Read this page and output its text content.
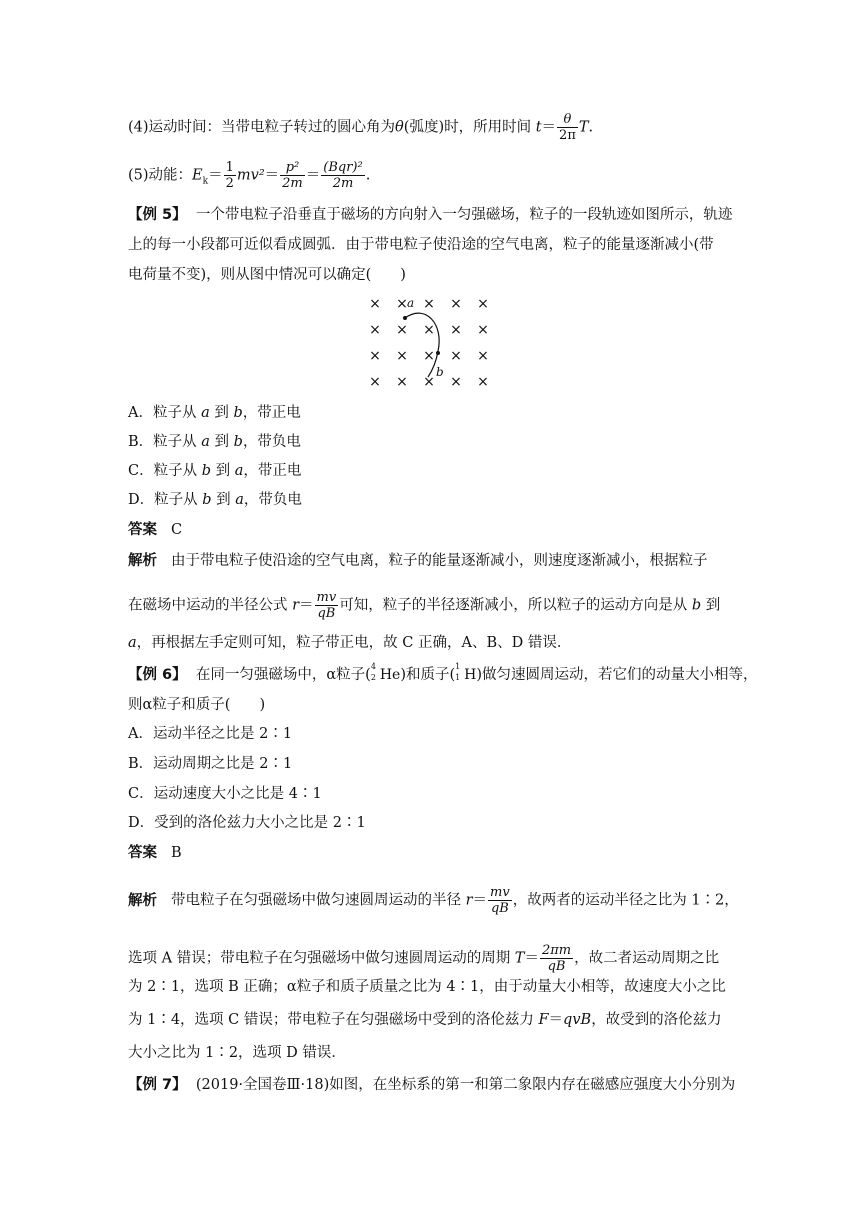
(4)运动时间：当带电粒子转过的圆心角为θ(弧度)时，所用时间 $t= \frac{\theta}{2\pi} T$.
(5)动能：$E_k= \frac{1}{2} mv^2= \frac{\text{p²}}{2m} = \frac{\text{(Bqr)²}}{2m}$ .
【例 5】 一个带电粒子沿垂直于磁场的方向射入一匀强磁场，粒子的一段轨迹如图所示，轨迹
上的每一小段都可近似看成圆弧．由于带电粒子使沿途的空气电离，粒子的能量逐渐减小(带
电荷量不变)，则从图中情况可以确定(　　)
× × × × ×
× × × × ×
× × × × ×
× × × × ×
a
b
A．粒子从 a 到 b，带正电
B．粒子从 a 到 b，带负电
C．粒子从 b 到 a，带正电
D．粒子从 b 到 a，带负电
答案 C
解析 由于带电粒子使沿途的空气电离，粒子的能量逐渐减小，则速度逐渐减小，根据粒子
在磁场中运动的半径公式 $r= \frac{mv}{qB}$ 可知，粒子的半径逐渐减小，所以粒子的运动方向是从 b 到
a，再根据左手定则可知，粒子带正电，故 C 正确，A、B、D 错误．
【例 6】 在同一匀强磁场中，α粒子(
4
2 He)和质子(
1
1 H)做匀速圆周运动，若它们的动量大小相等，
则α粒子和质子(　　)
A．运动半径之比是 2∶1
B．运动周期之比是 2∶1
C．运动速度大小之比是 4∶1
D．受到的洛伦兹力大小之比是 2∶1
答案 B
解析 带电粒子在匀强磁场中做匀速圆周运动的半径 $r= \frac{mv}{qB}$ ，故两者的运动半径之比为 1∶2，
选项 A 错误；带电粒子在匀强磁场中做匀速圆周运动的周期 $T= \frac{2\pi m}{qB}$ ，故二者运动周期之比
为 2∶1，选项 B 正确；α粒子和质子质量之比为 4∶1，由于动量大小相等，故速度大小之比
为 1∶4，选项 C 错误；带电粒子在匀强磁场中受到的洛伦兹力 F＝qvB，故受到的洛伦兹力
大小之比为 1∶2，选项 D 错误．
【例 7】 (2019·全国卷Ⅲ·18)如图，在坐标系的第一和第二象限内存在磁感应强度大小分别为
